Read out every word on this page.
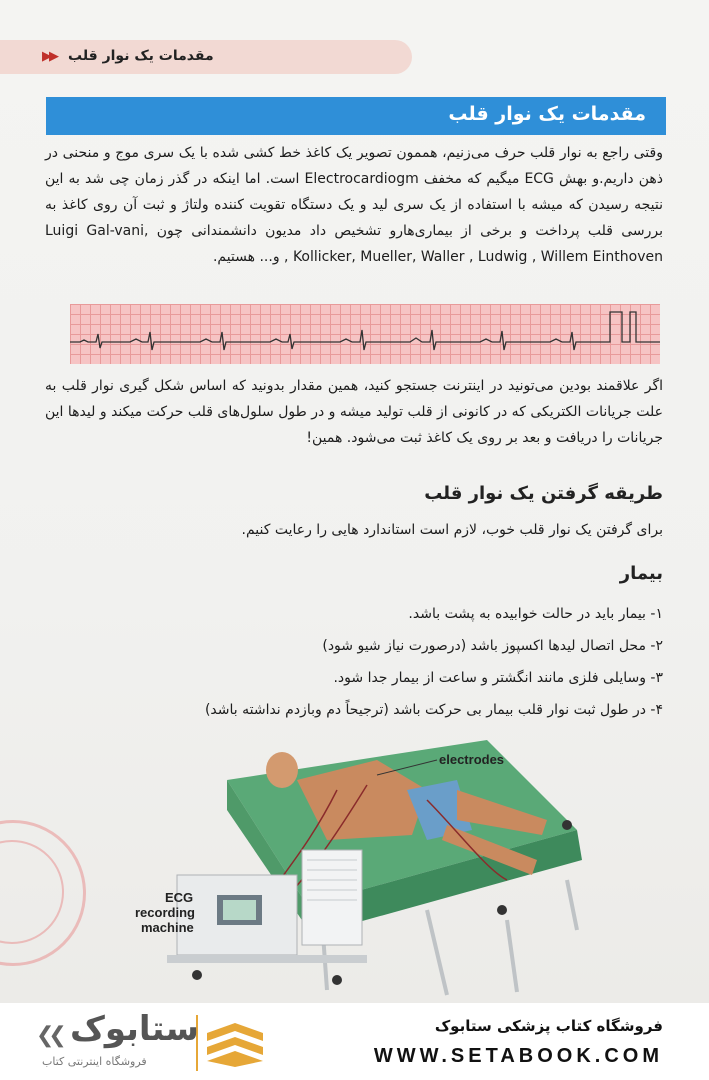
▶▶ مقدمات یک نوار قلب
مقدمات یک نوار قلب
وقتی راجع به نوار قلب حرف می‌زنیم، هممون تصویر یک کاغذ خط کشی شده با یک سری موج و منحنی در ذهن داریم.و بهش ECG میگیم که مخفف Electrocardiogm است. اما اینکه در گذر زمان چی شد به این نتیجه رسیدن که میشه با استفاده از یک سری لید و یک دستگاه تقویت کننده ولتاژ و ثبت آن روی کاغذ به بررسی قلب پرداخت و برخی از بیماری‌هارو تشخیص داد مدیون دانشمندانی چون Luigi Gal-vani, Kollicker, Mueller, Waller , Ludwig , Willem Einthoven , و... هستیم.
اگر علاقمند بودین می‌تونید در اینترنت جستجو کنید، همین مقدار بدونید که اساس شکل گیری نوار قلب به علت جریانات الکتریکی که در کانونی از قلب تولید میشه و در طول سلول‌های قلب حرکت میکند و لیدها این جریانات را دریافت و بعد بر روی یک کاغذ ثبت می‌شود. همین!
طریقه گرفتن یک نوار قلب
برای گرفتن یک نوار قلب خوب، لازم است استاندارد هایی را رعایت کنیم.
بیمار
۱- بیمار باید در حالت خوابیده به پشت باشد.
۲- محل اتصال لیدها اکسپوز باشد (درصورت نیاز شیو شود)
۳- وسایلی فلزی مانند انگشتر و ساعت از بیمار جدا شود.
۴- در طول ثبت نوار قلب بیمار بی حرکت باشد (ترجیحاً دم وبازدم نداشته باشد)
electrodes
ECG
recording
machine
فروشگاه کتاب پزشکی ستابوک
WWW.SETABOOK.COM
❮❮ ستابوک
فروشگاه اینترنتی کتاب
